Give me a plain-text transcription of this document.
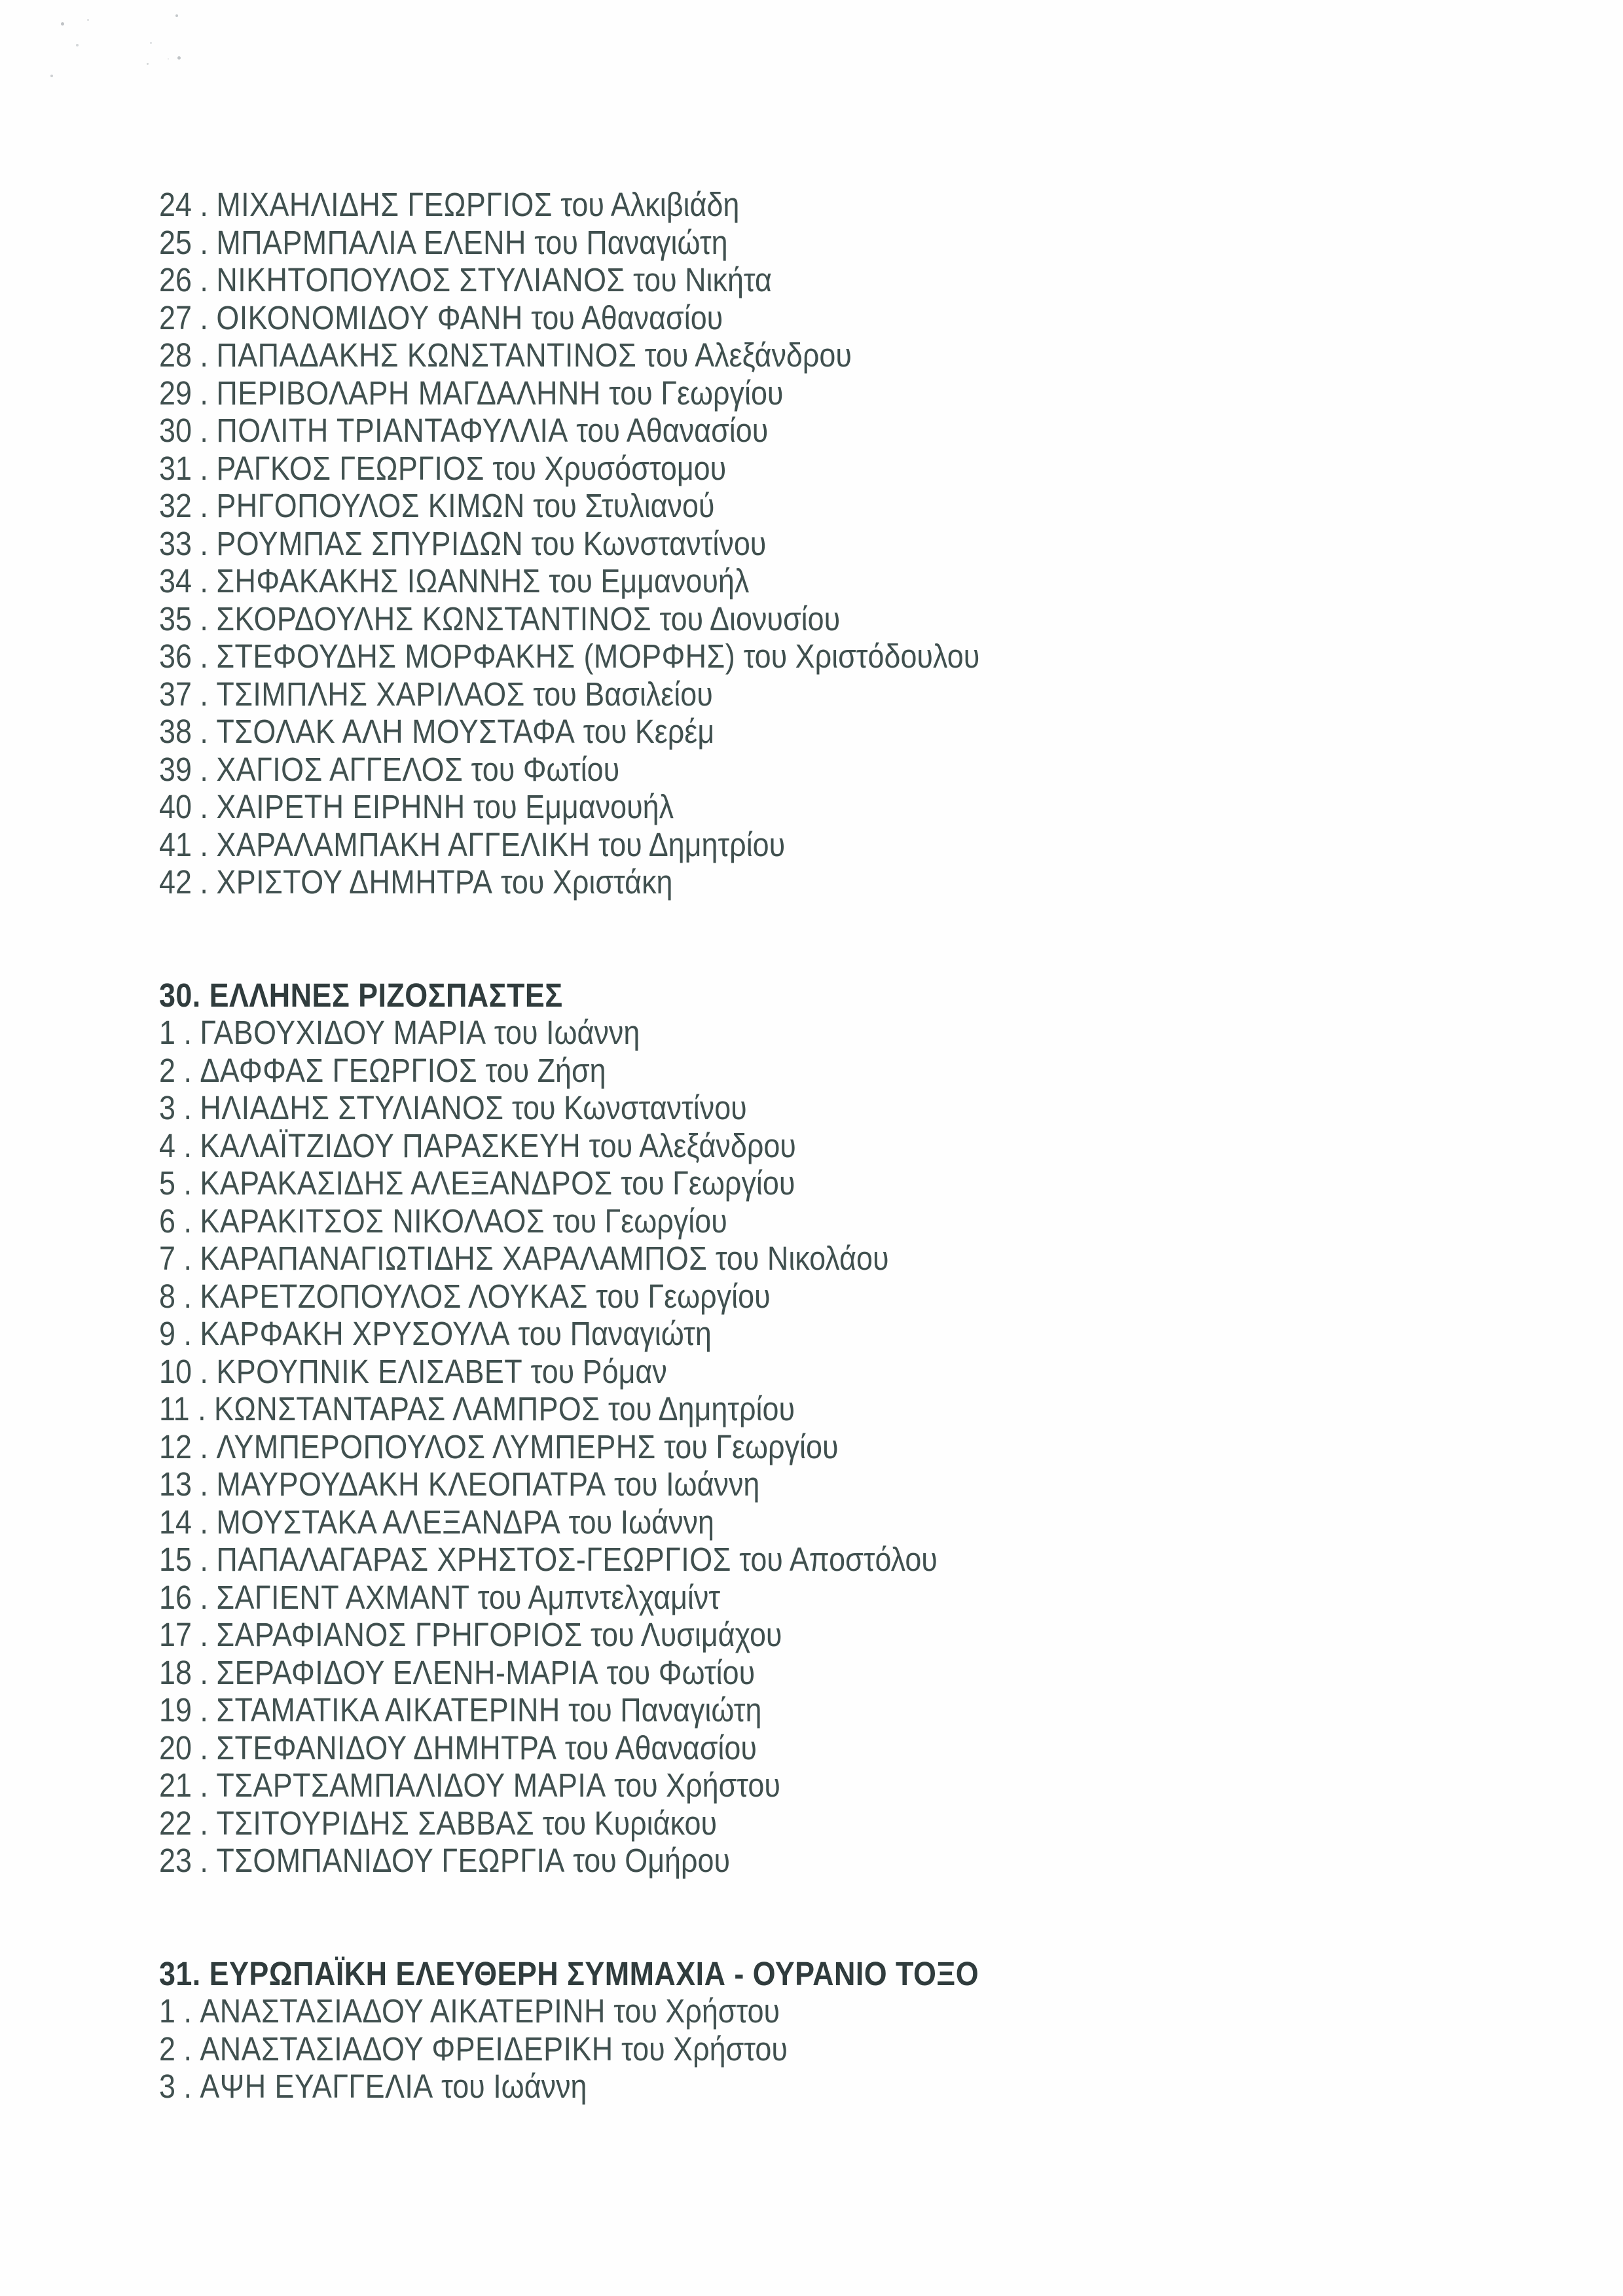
24 . ΜΙΧΑΗΛΙΔΗΣ ΓΕΩΡΓΙΟΣ του Αλκιβιάδη
25 . ΜΠΑΡΜΠΑΛΙΑ ΕΛΕΝΗ του Παναγιώτη
26 . ΝΙΚΗΤΟΠΟΥΛΟΣ ΣΤΥΛΙΑΝΟΣ του Νικήτα
27 . ΟΙΚΟΝΟΜΙΔΟΥ ΦΑΝΗ του Αθανασίου
28 . ΠΑΠΑΔΑΚΗΣ ΚΩΝΣΤΑΝΤΙΝΟΣ του Αλεξάνδρου
29 . ΠΕΡΙΒΟΛΑΡΗ ΜΑΓΔΑΛΗΝΗ του Γεωργίου
30 . ΠΟΛΙΤΗ ΤΡΙΑΝΤΑΦΥΛΛΙΑ του Αθανασίου
31 . ΡΑΓΚΟΣ ΓΕΩΡΓΙΟΣ του Χρυσόστομου
32 . ΡΗΓΟΠΟΥΛΟΣ ΚΙΜΩΝ του Στυλιανού
33 . ΡΟΥΜΠΑΣ ΣΠΥΡΙΔΩΝ του Κωνσταντίνου
34 . ΣΗΦΑΚΑΚΗΣ ΙΩΑΝΝΗΣ του Εμμανουήλ
35 . ΣΚΟΡΔΟΥΛΗΣ ΚΩΝΣΤΑΝΤΙΝΟΣ του Διονυσίου
36 . ΣΤΕΦΟΥΔΗΣ ΜΟΡΦΑΚΗΣ (ΜΟΡΦΗΣ) του Χριστόδουλου
37 . ΤΣΙΜΠΛΗΣ ΧΑΡΙΛΑΟΣ του Βασιλείου
38 . ΤΣΟΛΑΚ ΑΛΗ ΜΟΥΣΤΑΦΑ του Κερέμ
39 . ΧΑΓΙΟΣ ΑΓΓΕΛΟΣ του Φωτίου
40 . ΧΑΙΡΕΤΗ ΕΙΡΗΝΗ του Εμμανουήλ
41 . ΧΑΡΑΛΑΜΠΑΚΗ ΑΓΓΕΛΙΚΗ του Δημητρίου
42 . ΧΡΙΣΤΟΥ ΔΗΜΗΤΡΑ του Χριστάκη
30. ΕΛΛΗΝΕΣ ΡΙΖΟΣΠΑΣΤΕΣ
1 . ΓΑΒΟΥΧΙΔΟΥ ΜΑΡΙΑ του Ιωάννη
2 . ΔΑΦΦΑΣ ΓΕΩΡΓΙΟΣ του Ζήση
3 . ΗΛΙΑΔΗΣ ΣΤΥΛΙΑΝΟΣ του Κωνσταντίνου
4 . ΚΑΛΑΪΤΖΙΔΟΥ ΠΑΡΑΣΚΕΥΗ του Αλεξάνδρου
5 . ΚΑΡΑΚΑΣΙΔΗΣ ΑΛΕΞΑΝΔΡΟΣ του Γεωργίου
6 . ΚΑΡΑΚΙΤΣΟΣ ΝΙΚΟΛΑΟΣ του Γεωργίου
7 . ΚΑΡΑΠΑΝΑΓΙΩΤΙΔΗΣ ΧΑΡΑΛΑΜΠΟΣ του Νικολάου
8 . ΚΑΡΕΤΖΟΠΟΥΛΟΣ ΛΟΥΚΑΣ του Γεωργίου
9 . ΚΑΡΦΑΚΗ ΧΡΥΣΟΥΛΑ του Παναγιώτη
10 . ΚΡΟΥΠΝΙΚ ΕΛΙΣΑΒΕΤ του Ρόμαν
11 . ΚΩΝΣΤΑΝΤΑΡΑΣ ΛΑΜΠΡΟΣ του Δημητρίου
12 . ΛΥΜΠΕΡΟΠΟΥΛΟΣ ΛΥΜΠΕΡΗΣ του Γεωργίου
13 . ΜΑΥΡΟΥΔΑΚΗ ΚΛΕΟΠΑΤΡΑ του Ιωάννη
14 . ΜΟΥΣΤΑΚΑ ΑΛΕΞΑΝΔΡΑ του Ιωάννη
15 . ΠΑΠΑΛΑΓΑΡΑΣ ΧΡΗΣΤΟΣ-ΓΕΩΡΓΙΟΣ του Αποστόλου
16 . ΣΑΓΙΕΝΤ ΑΧΜΑΝΤ του Αμπντελχαμίντ
17 . ΣΑΡΑΦΙΑΝΟΣ ΓΡΗΓΟΡΙΟΣ του Λυσιμάχου
18 . ΣΕΡΑΦΙΔΟΥ ΕΛΕΝΗ-ΜΑΡΙΑ του Φωτίου
19 . ΣΤΑΜΑΤΙΚΑ ΑΙΚΑΤΕΡΙΝΗ του Παναγιώτη
20 . ΣΤΕΦΑΝΙΔΟΥ ΔΗΜΗΤΡΑ του Αθανασίου
21 . ΤΣΑΡΤΣΑΜΠΑΛΙΔΟΥ ΜΑΡΙΑ του Χρήστου
22 . ΤΣΙΤΟΥΡΙΔΗΣ ΣΑΒΒΑΣ του Κυριάκου
23 . ΤΣΟΜΠΑΝΙΔΟΥ ΓΕΩΡΓΙΑ του Ομήρου
31. ΕΥΡΩΠΑΪΚΗ ΕΛΕΥΘΕΡΗ ΣΥΜΜΑΧΙΑ - ΟΥΡΑΝΙΟ ΤΟΞΟ
1 . ΑΝΑΣΤΑΣΙΑΔΟΥ ΑΙΚΑΤΕΡΙΝΗ του Χρήστου
2 . ΑΝΑΣΤΑΣΙΑΔΟΥ ΦΡΕΙΔΕΡΙΚΗ του Χρήστου
3 . ΑΨΗ ΕΥΑΓΓΕΛΙΑ του Ιωάννη
